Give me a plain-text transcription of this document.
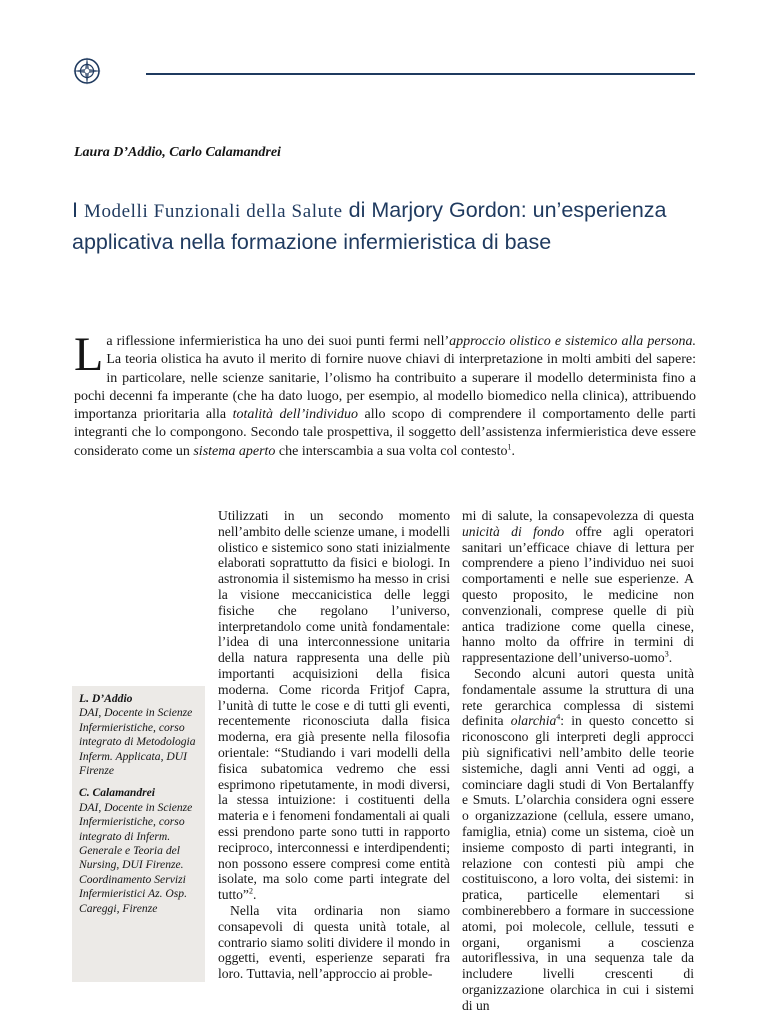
Laura D’Addio, Carlo Calamandrei
I Modelli Funzionali della Salute di Marjory Gordon: un’esperienza applicativa nella formazione infermieristica di base

La riflessione infermieristica ha uno dei suoi punti fermi nell’approccio olistico e sistemico alla persona. La teoria olistica ha avuto il merito di fornire nuove chiavi di interpretazione in molti ambiti del sapere: in particolare, nelle scienze sanitarie, l’olismo ha contribuito a superare il modello determinista fino a pochi decenni fa imperante (che ha dato luogo, per esempio, al modello biomedico nella clinica), attribuendo importanza prioritaria alla totalità dell’individuo allo scopo di comprendere il comportamento delle parti integranti che lo compongono. Secondo tale prospettiva, il soggetto dell’assistenza infermieristica deve essere considerato come un sistema aperto che interscambia a sua volta col contesto$^1$.

L. D’Addio

DAI, Docente in Scienze Infermieristiche, corso integrato di Metodologia Inferm. Applicata, DUI Firenze

C. Calamandrei

DAI, Docente in Scienze Infermieristiche, corso integrato di Inferm. Generale e Teoria del Nursing, DUI Firenze. Coordinamento Servizi Infermieristici Az. Osp. Careggi, Firenze

Utilizzati in un secondo momento nell’ambito delle scienze umane, i modelli olistico e sistemico sono stati inizialmente elaborati soprattutto da fisici e biologi. In astronomia il sistemismo ha messo in crisi la visione meccanicistica delle leggi fisiche che regolano l’universo, interpretandolo come unità fondamentale: l’idea di una interconnessione unitaria della natura rappresenta una delle più importanti acquisizioni della fisica moderna. Come ricorda Fritjof Capra, l’unità di tutte le cose e di tutti gli eventi, recentemente riconosciuta dalla fisica moderna, era già presente nella filosofia orientale: “Studiando i vari modelli della fisica subatomica vedremo che essi esprimono ripetutamente, in modi diversi, la stessa intuizione: i costituenti della materia e i fenomeni fondamentali ai quali essi prendono parte sono tutti in rapporto reciproco, interconnessi e interdipendenti; non possono essere compresi come entità isolate, ma solo come parti integrate del tutto”$^2$.

Nella vita ordinaria non siamo consapevoli di questa unità totale, al contrario siamo soliti dividere il mondo in oggetti, eventi, esperienze separati fra loro. Tuttavia, nell’approccio ai proble-

mi di salute, la consapevolezza di questa unicità di fondo offre agli operatori sanitari un’efficace chiave di lettura per comprendere a pieno l’individuo nei suoi comportamenti e nelle sue esperienze. A questo proposito, le medicine non convenzionali, comprese quelle di più antica tradizione come quella cinese, hanno molto da offrire in termini di rappresentazione dell’universo-uomo$^3$.

Secondo alcuni autori questa unità fondamentale assume la struttura di una rete gerarchica complessa di sistemi definita olarchia$^4$: in questo concetto si riconoscono gli interpreti degli approcci più significativi nell’ambito delle teorie sistemiche, dagli anni Venti ad oggi, a cominciare dagli studi di Von Bertalanffy e Smuts. L’olarchia considera ogni essere o organizzazione (cellula, essere umano, famiglia, etnia) come un sistema, cioè un insieme composto di parti integranti, in relazione con contesti più ampi che costituiscono, a loro volta, dei sistemi: in pratica, particelle elementari si combinerebbero a formare in successione atomi, poi molecole, cellule, tessuti e organi, organismi a coscienza autoriflessiva, in una sequenza tale da includere livelli crescenti di organizzazione olarchica in cui i sistemi di un
